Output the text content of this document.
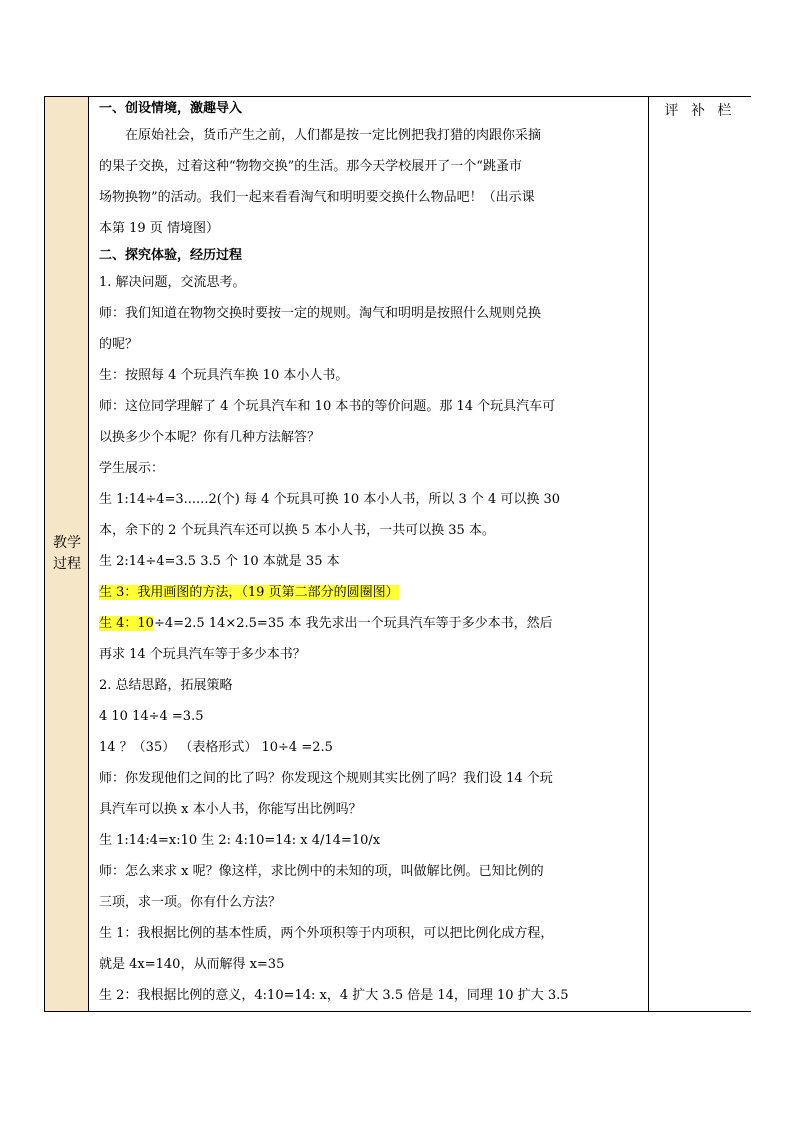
教学
过程

一、创设情境，激趣导入

在原始社会，货币产生之前，人们都是按一定比例把我打猎的肉跟你采摘

的果子交换，过着这种“物物交换”的生活。那今天学校展开了一个“跳蚤市

场物换物”的活动。我们一起来看看淘气和明明要交换什么物品吧！（出示课

本第 19 页 情境图）

二、探究体验，经历过程

1. 解决问题，交流思考。

师：我们知道在物物交换时要按一定的规则。淘气和明明是按照什么规则兑换

的呢？

生：按照每 4 个玩具汽车换 10 本小人书。

师：这位同学理解了 4 个玩具汽车和 10 本书的等价问题。那 14 个玩具汽车可

以换多少个本呢？你有几种方法解答？

学生展示：

生 1:14÷4=3......2(个) 每 4 个玩具可换 10 本小人书，所以 3 个 4 可以换 30

本，余下的 2 个玩具汽车还可以换 5 本小人书，一共可以换 35 本。

生 2:14÷4=3.5 3.5 个 10 本就是 35 本

生 3：我用画图的方法，（19 页第二部分的圆圈图）

生 4：10÷4=2.5 14×2.5=35 本 我先求出一个玩具汽车等于多少本书，然后

再求 14 个玩具汽车等于多少本书？

2. 总结思路，拓展策略

4 10 14÷4 =3.5

14 ？（35） （表格形式） 10÷4 =2.5

师：你发现他们之间的比了吗？你发现这个规则其实比例了吗？我们设 14 个玩

具汽车可以换 x 本小人书，你能写出比例吗？

生 1:14:4=x:10 生 2: 4:10=14: x 4/14=10/x

师：怎么来求 x 呢？像这样，求比例中的未知的项，叫做解比例。已知比例的

三项，求一项。你有什么方法？

生 1：我根据比例的基本性质，两个外项积等于内项积，可以把比例化成方程，

就是 4x=140，从而解得 x=35

生 2：我根据比例的意义，4:10=14: x，4 扩大 3.5 倍是 14，同理 10 扩大 3.5

评 补 栏
